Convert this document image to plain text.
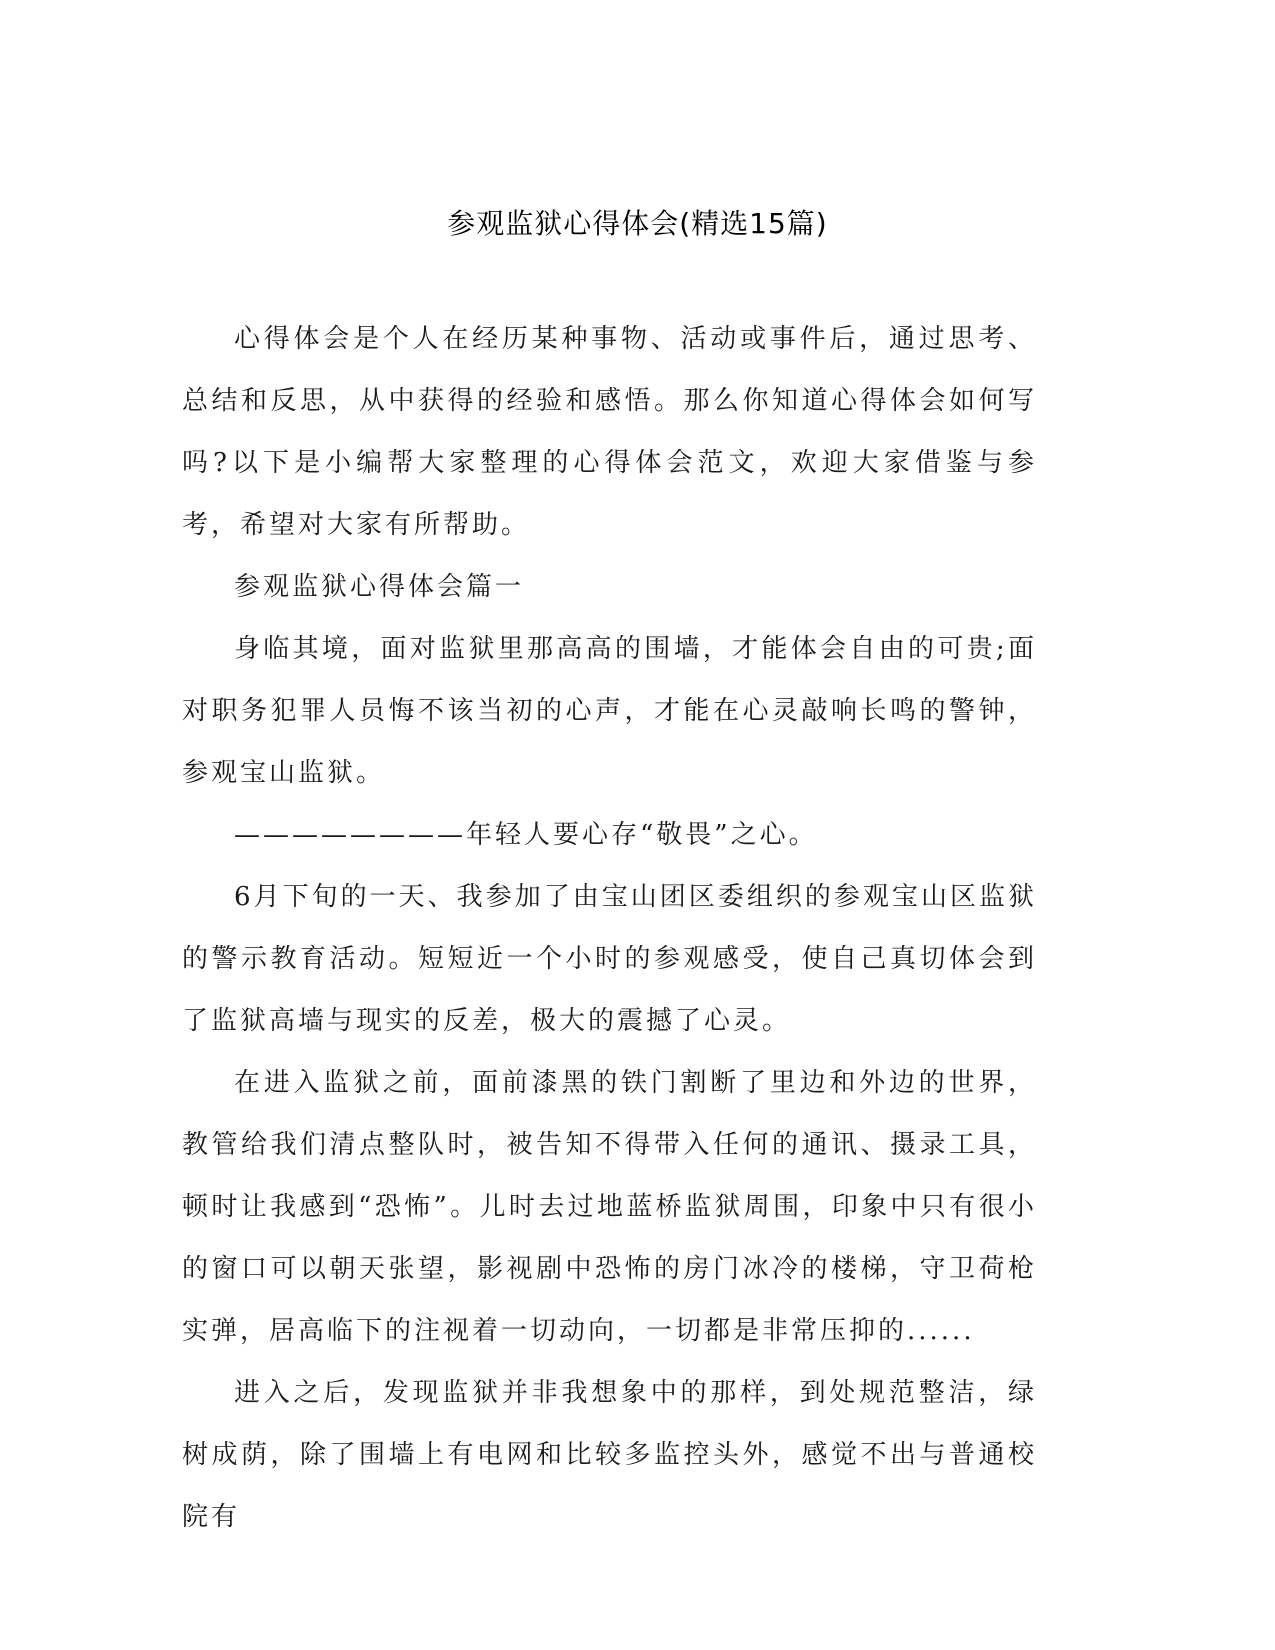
参观监狱心得体会(精选15篇)

心得体会是个人在经历某种事物、活动或事件后，通过思考、总结和反思，从中获得的经验和感悟。那么你知道心得体会如何写吗?以下是小编帮大家整理的心得体会范文，欢迎大家借鉴与参考，希望对大家有所帮助。

参观监狱心得体会篇一

身临其境，面对监狱里那高高的围墙，才能体会自由的可贵;面对职务犯罪人员悔不该当初的心声，才能在心灵敲响长鸣的警钟，参观宝山监狱。

————————年轻人要心存“敬畏”之心。

6月下旬的一天、我参加了由宝山团区委组织的参观宝山区监狱的警示教育活动。短短近一个小时的参观感受，使自己真切体会到了监狱高墙与现实的反差，极大的震撼了心灵。

在进入监狱之前，面前漆黑的铁门割断了里边和外边的世界，教管给我们清点整队时，被告知不得带入任何的通讯、摄录工具，顿时让我感到“恐怖”。儿时去过地蓝桥监狱周围，印象中只有很小的窗口可以朝天张望，影视剧中恐怖的房门冰冷的楼梯，守卫荷枪实弹，居高临下的注视着一切动向，一切都是非常压抑的......

进入之后，发现监狱并非我想象中的那样，到处规范整洁，绿树成荫，除了围墙上有电网和比较多监控头外，感觉不出与普通校院有
